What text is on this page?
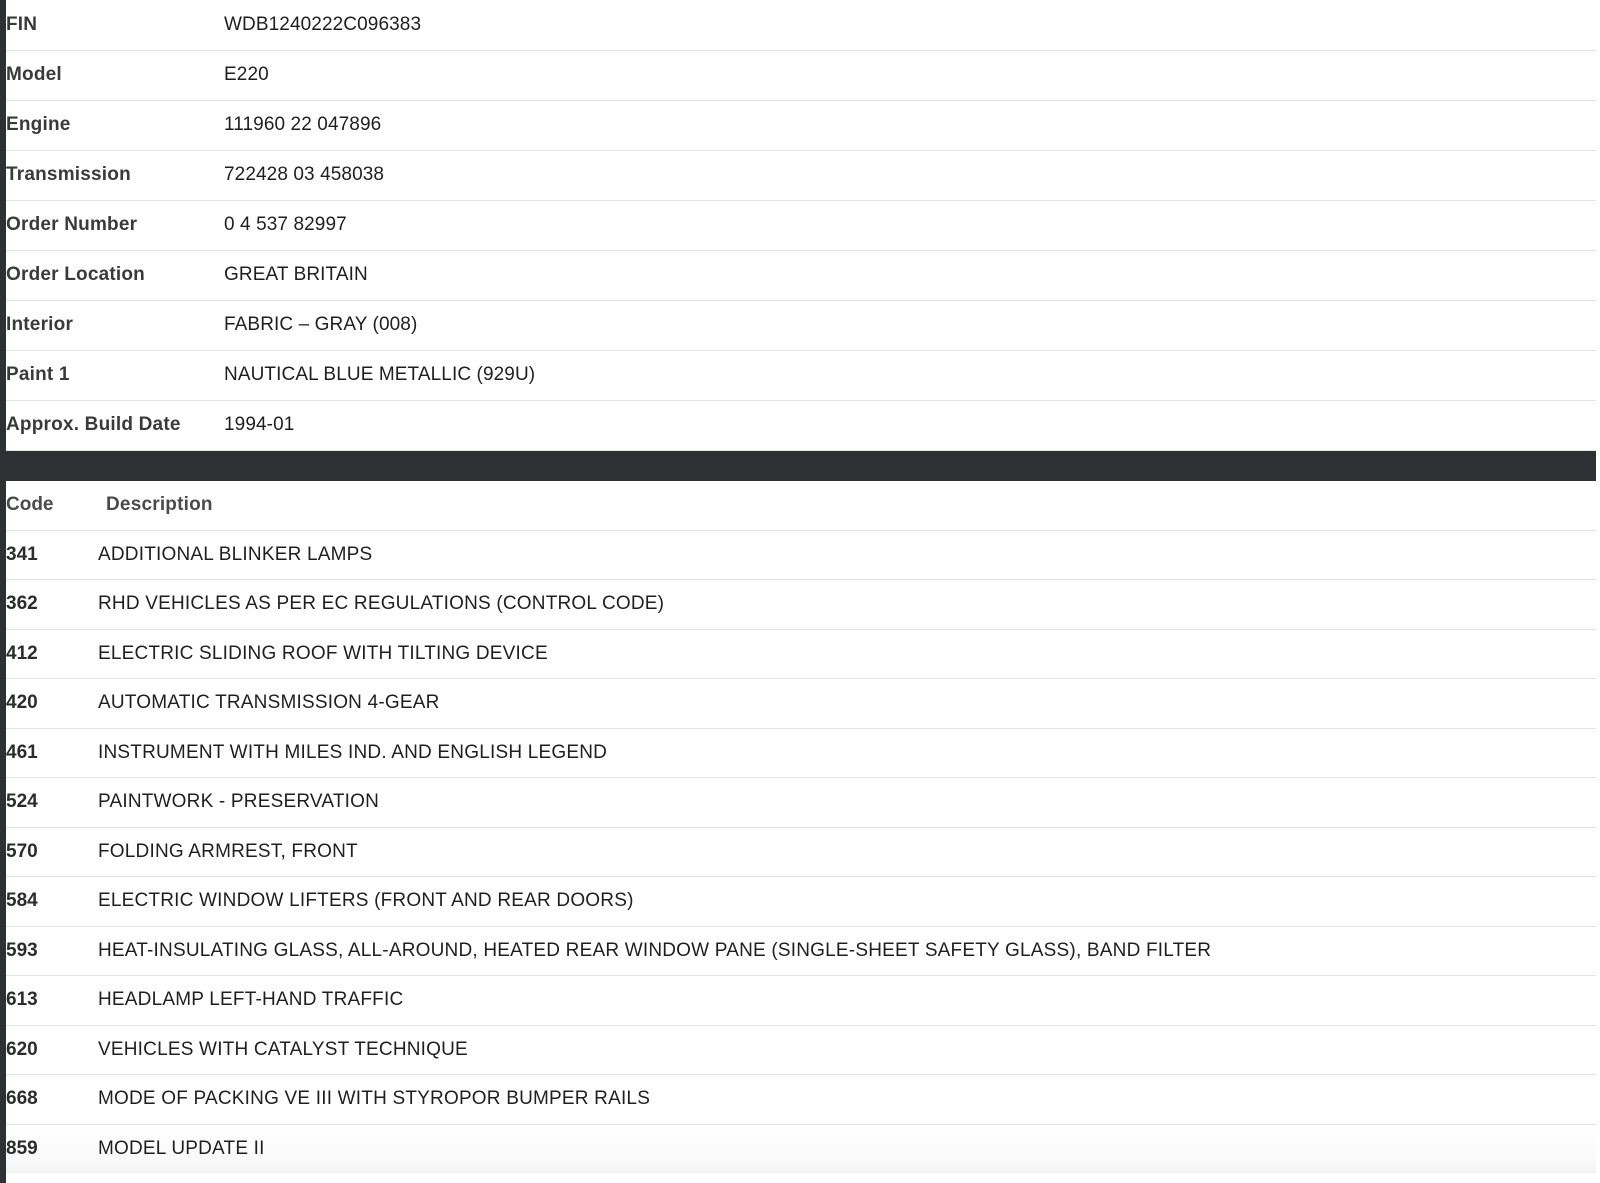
FIN	WDB1240222C096383
Model	E220
Engine	111960 22 047896
Transmission	722428 03 458038
Order Number	0 4 537 82997
Order Location	GREAT BRITAIN
Interior	FABRIC – GRAY (008)
Paint 1	NAUTICAL BLUE METALLIC (929U)
Approx. Build Date	1994-01
Code	Description
341	ADDITIONAL BLINKER LAMPS
362	RHD VEHICLES AS PER EC REGULATIONS (CONTROL CODE)
412	ELECTRIC SLIDING ROOF WITH TILTING DEVICE
420	AUTOMATIC TRANSMISSION 4-GEAR
461	INSTRUMENT WITH MILES IND. AND ENGLISH LEGEND
524	PAINTWORK - PRESERVATION
570	FOLDING ARMREST, FRONT
584	ELECTRIC WINDOW LIFTERS (FRONT AND REAR DOORS)
593	HEAT-INSULATING GLASS, ALL-AROUND, HEATED REAR WINDOW PANE (SINGLE-SHEET SAFETY GLASS), BAND FILTER
613	HEADLAMP LEFT-HAND TRAFFIC
620	VEHICLES WITH CATALYST TECHNIQUE
668	MODE OF PACKING VE III WITH STYROPOR BUMPER RAILS
859	MODEL UPDATE II
